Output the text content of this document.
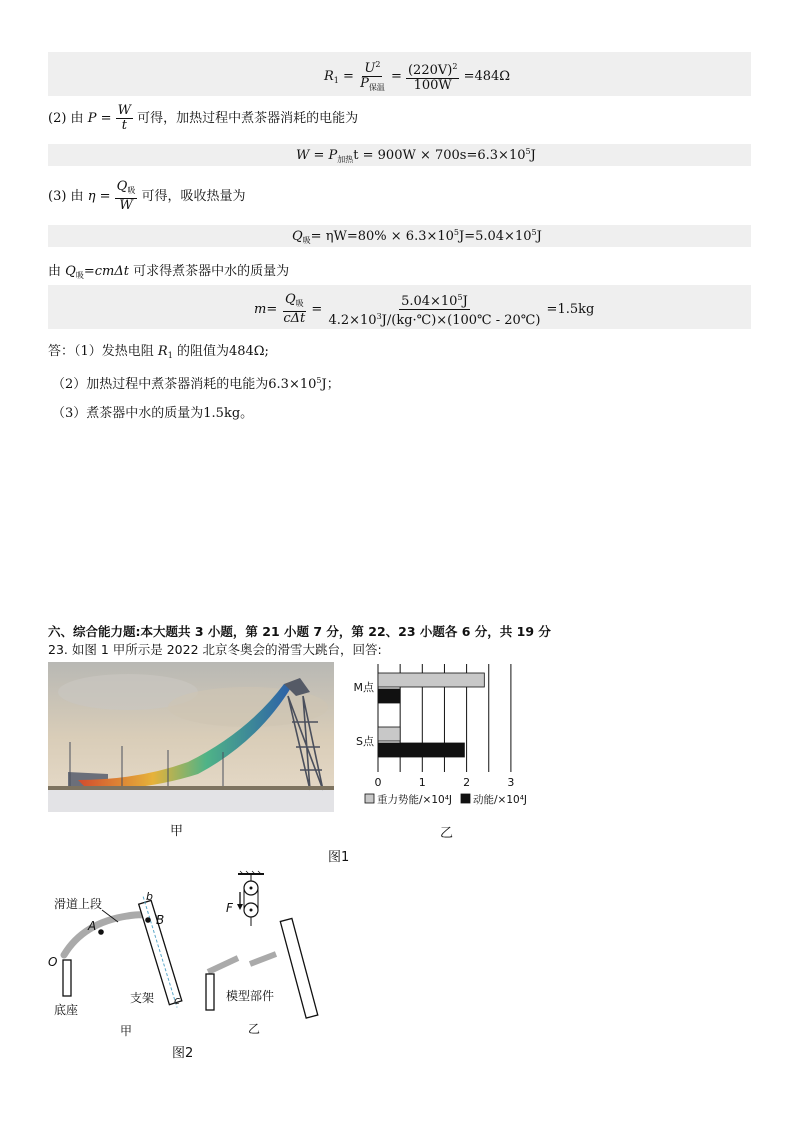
$R_1 = \frac{U^2}{P_{保温}} = \frac{(220V)^2}{100W} =484\Omega$
(2) 由 $P = \frac{W}{t}$ 可得，加热过程中煮茶器消耗的电能为
$W = P_{加热}t = 900W \times 700s=6.3\times 10^5J$
(3) 由 $\eta = \frac{Q_吸}{W}$ 可得，吸收热量为
$Q_吸= \eta W=80\% \times 6.3\times 10^5J=5.04\times 10^5J$
由 $Q_吸=cm\Delta t$ 可求得煮茶器中水的质量为
$m= \frac{Q_吸}{\text{cΔt}} = \frac{5.04\times 10^5J}{4.2\times 10^3J/(kg\cdot℃)\times(100℃ - 20℃)} =1.5kg$
答：（1）发热电阻 $R_1$ 的阻值为484Ω;
（2）加热过程中煮茶器消耗的电能为$6.3\times 10^5J$；
（3）煮茶器中水的质量为1.5kg。
六、综合能力题:本大题共 3 小题，第 21 小题 7 分，第 22、23 小题各 6 分，共 19 分
23. 如图 1 甲所示是 2022 北京冬奥会的滑雪大跳台，回答:
甲
M点
S点
0	1	2	3
重力势能/×10⁴J 动能/×10⁴J
乙
图1
滑道上段
A	B
b
c
O
底座
支架
甲
F
模型部件
乙
图2
